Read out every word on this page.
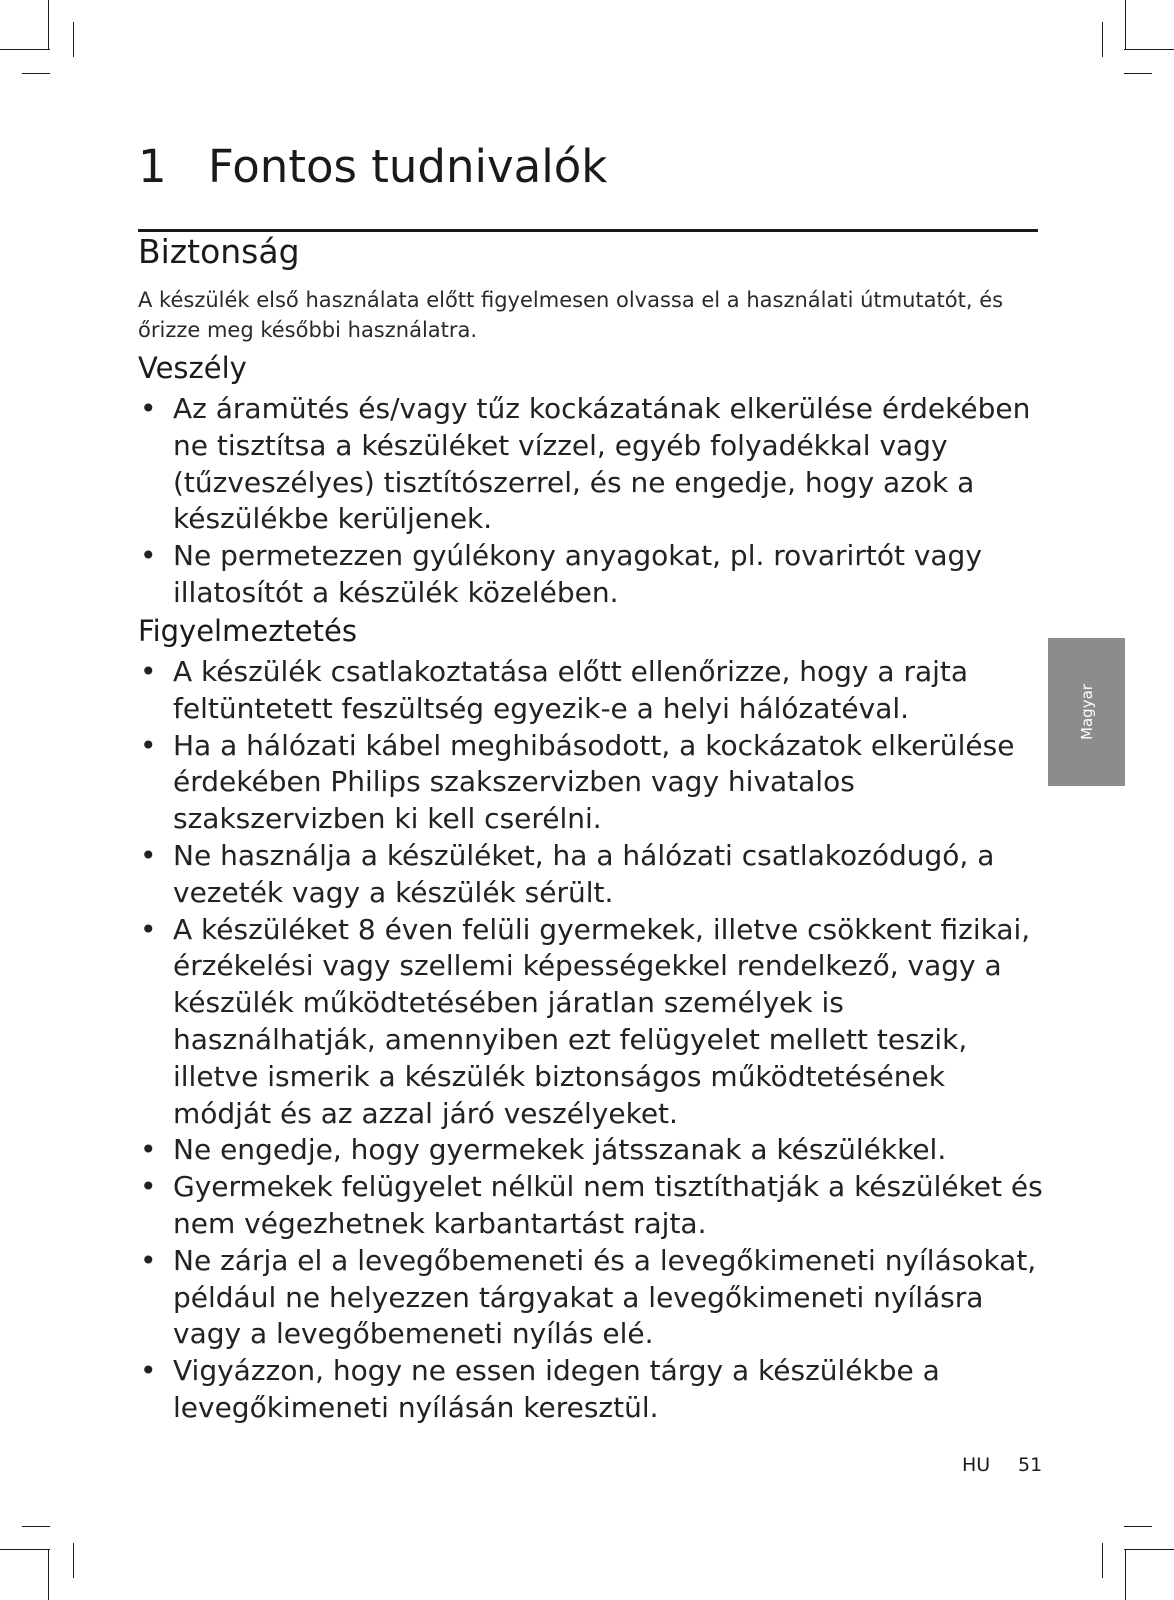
1 Fontos tudnivalók
Biztonság

A készülék első használata előtt figyelmesen olvassa el a használati útmutatót, és őrizze meg későbbi használatra.

Veszély
• Az áramütés és/vagy tűz kockázatának elkerülése érdekében ne tisztítsa a készüléket vízzel, egyéb folyadékkal vagy (tűzveszélyes) tisztítószerrel, és ne engedje, hogy azok a készülékbe kerüljenek.
• Ne permetezzen gyúlékony anyagokat, pl. rovarirtót vagy illatosítót a készülék közelében.
Figyelmeztetés
• A készülék csatlakoztatása előtt ellenőrizze, hogy a rajta feltüntetett feszültség egyezik-e a helyi hálózatéval.
• Ha a hálózati kábel meghibásodott, a kockázatok elkerülése érdekében Philips szakszervizben vagy hivatalos szakszervizben ki kell cserélni.
• Ne használja a készüléket, ha a hálózati csatlakozódugó, a vezeték vagy a készülék sérült.
• A készüléket 8 éven felüli gyermekek, illetve csökkent fizikai, érzékelési vagy szellemi képességekkel rendelkező, vagy a készülék működtetésében járatlan személyek is használhatják, amennyiben ezt felügyelet mellett teszik, illetve ismerik a készülék biztonságos működtetésének módját és az azzal járó veszélyeket.
• Ne engedje, hogy gyermekek játsszanak a készülékkel.
• Gyermekek felügyelet nélkül nem tisztíthatják a készüléket és nem végezhetnek karbantartást rajta.
• Ne zárja el a levegőbemeneti és a levegőkimeneti nyílásokat, például ne helyezzen tárgyakat a levegőkimeneti nyílásra vagy a levegőbemeneti nyílás elé.
• Vigyázzon, hogy ne essen idegen tárgy a készülékbe a levegőkimeneti nyílásán keresztül.
Magyar
HU 51
